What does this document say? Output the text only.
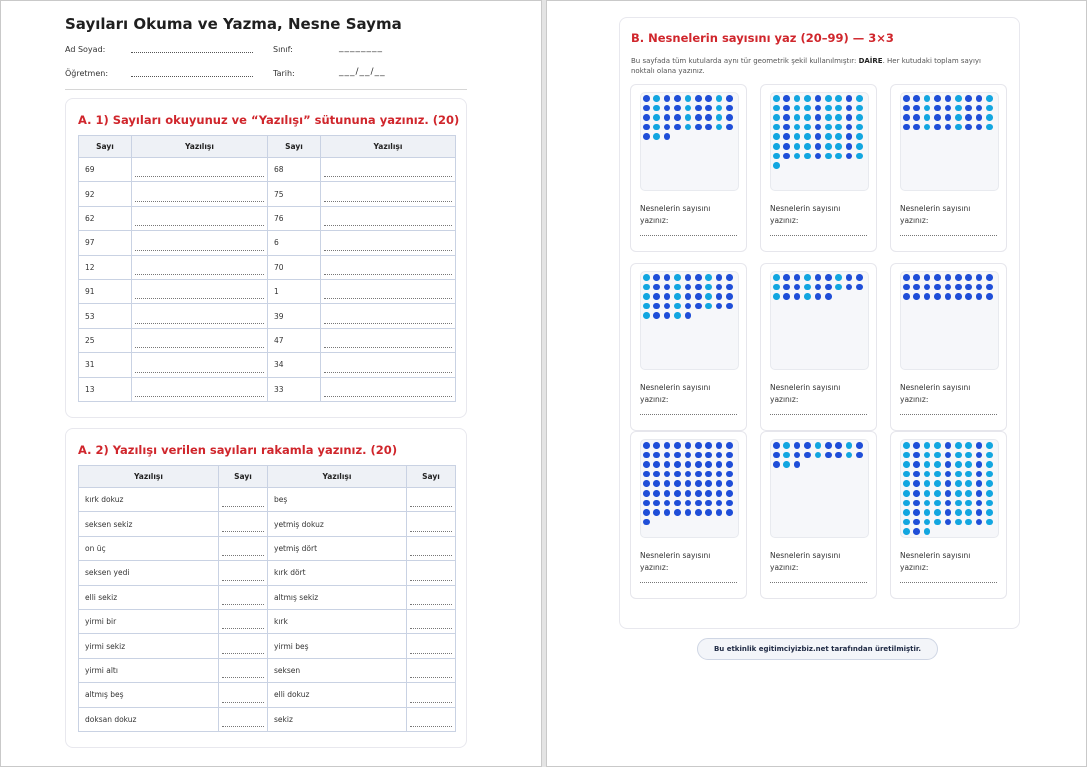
Sayıları Okuma ve Yazma, Nesne Sayma
Ad Soyad:	Sınıf:	________
Öğretmen:	Tarih:	___/__/__
A. 1) Sayıları okuyunuz ve “Yazılışı” sütununa yazınız. (20)
Sayı	Yazılışı	Sayı	Yazılışı
69		68	

92		75	

62		76	

97		6	

12		70	

91		1	

53		39	

25		47	

31		34	

13		33	
A. 2) Yazılışı verilen sayıları rakamla yazınız. (20)
Yazılışı	Sayı	Yazılışı	Sayı
kırk dokuz		beş	

seksen sekiz		yetmiş dokuz	

on üç		yetmiş dört	

seksen yedi		kırk dört	

elli sekiz		altmış sekiz	

yirmi bir		kırk	

yirmi sekiz		yirmi beş	

yirmi altı		seksen	

altmış beş		elli dokuz	

doksan dokuz		sekiz	
B. Nesnelerin sayısını yaz (20–99) — 3×3
Bu sayfada tüm kutularda aynı tür geometrik şekil kullanılmıştır: DAİRE. Her kutudaki toplam sayıyı noktalı olana yazınız.
Nesnelerin sayısını
yazınız:
Nesnelerin sayısını
yazınız:
Nesnelerin sayısını
yazınız:
Nesnelerin sayısını
yazınız:
Nesnelerin sayısını
yazınız:
Nesnelerin sayısını
yazınız:
Nesnelerin sayısını
yazınız:
Nesnelerin sayısını
yazınız:
Nesnelerin sayısını
yazınız:
Bu etkinlik egitimciyizbiz.net tarafından üretilmiştir.
